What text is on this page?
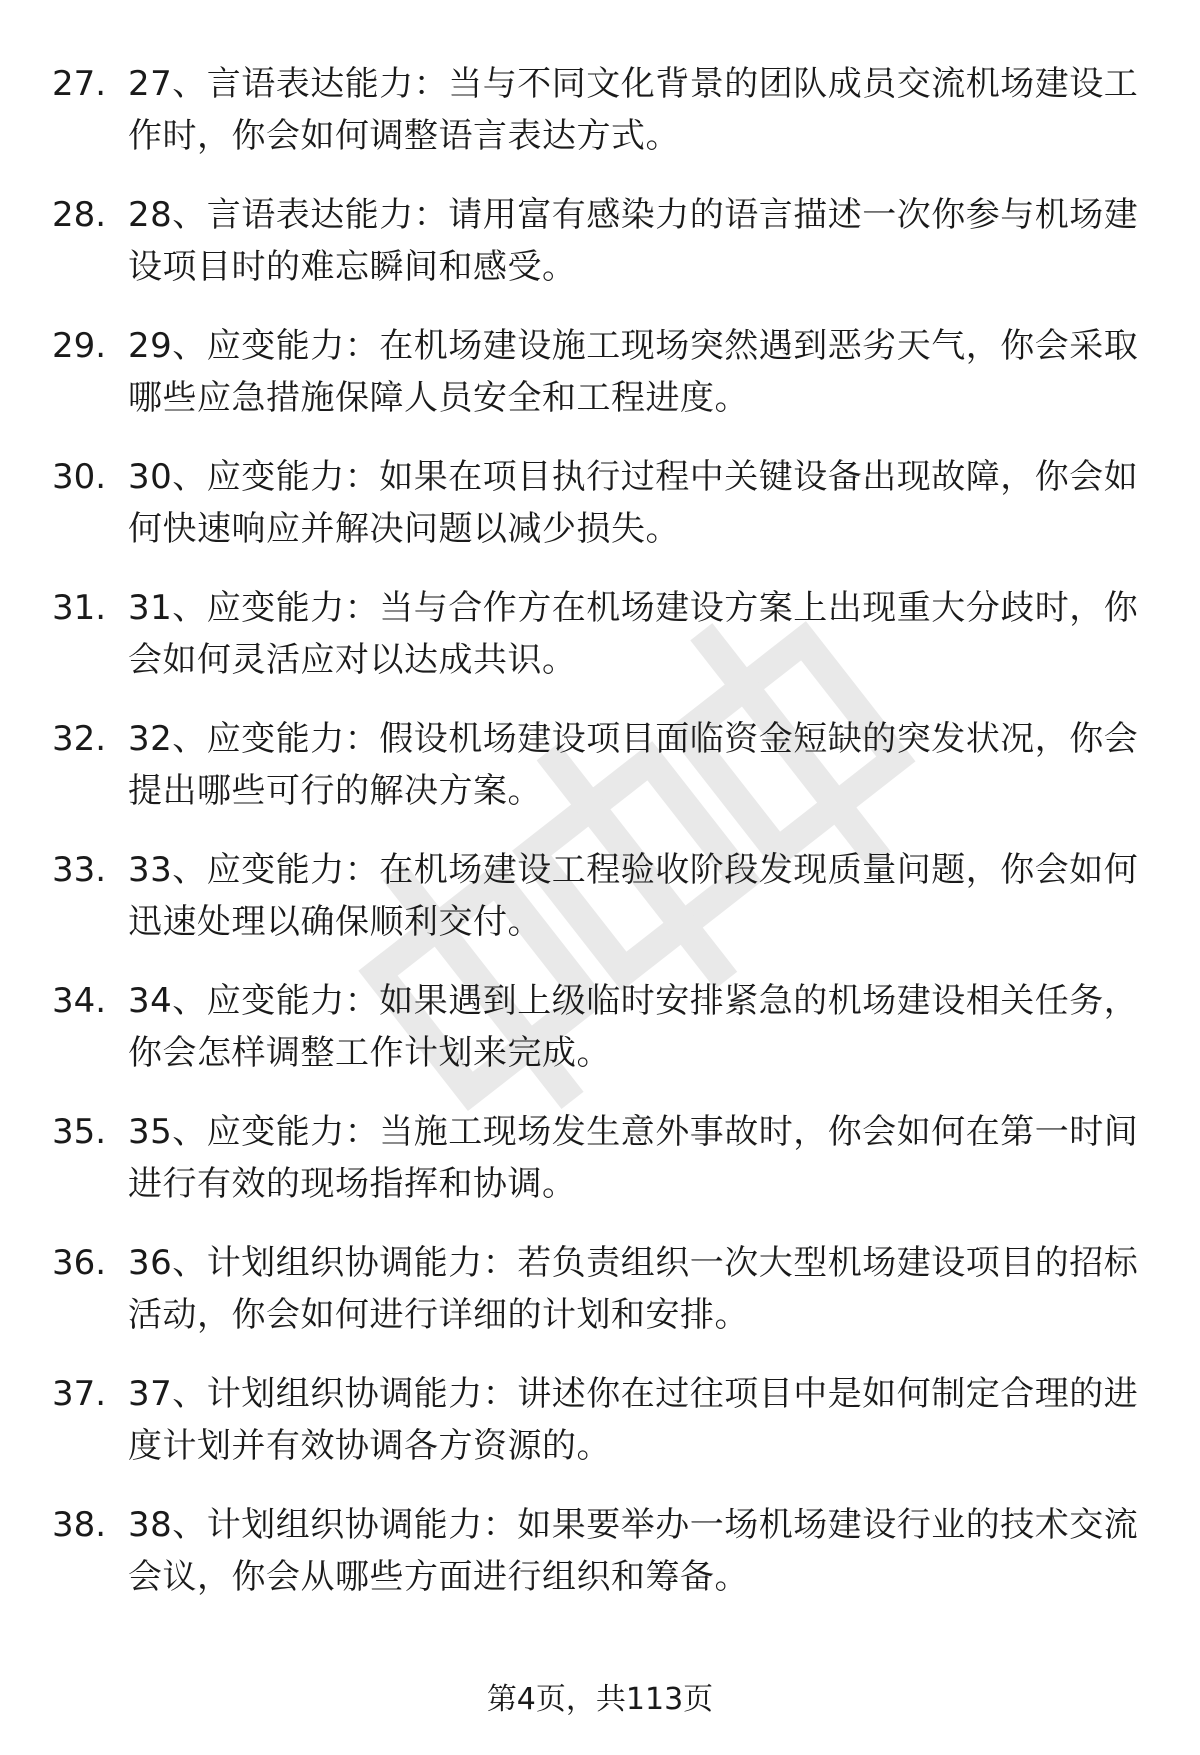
27. 27、言语表达能力：当与不同文化背景的团队成员交流机场建设工作时，你会如何调整语言表达方式。
28. 28、言语表达能力：请用富有感染力的语言描述一次你参与机场建设项目时的难忘瞬间和感受。
29. 29、应变能力：在机场建设施工现场突然遇到恶劣天气，你会采取哪些应急措施保障人员安全和工程进度。
30. 30、应变能力：如果在项目执行过程中关键设备出现故障，你会如何快速响应并解决问题以减少损失。
31. 31、应变能力：当与合作方在机场建设方案上出现重大分歧时，你会如何灵活应对以达成共识。
32. 32、应变能力：假设机场建设项目面临资金短缺的突发状况，你会提出哪些可行的解决方案。
33. 33、应变能力：在机场建设工程验收阶段发现质量问题，你会如何迅速处理以确保顺利交付。
34. 34、应变能力：如果遇到上级临时安排紧急的机场建设相关任务，你会怎样调整工作计划来完成。
35. 35、应变能力：当施工现场发生意外事故时，你会如何在第一时间进行有效的现场指挥和协调。
36. 36、计划组织协调能力：若负责组织一次大型机场建设项目的招标活动，你会如何进行详细的计划和安排。
37. 37、计划组织协调能力：讲述你在过往项目中是如何制定合理的进度计划并有效协调各方资源的。
38. 38、计划组织协调能力：如果要举办一场机场建设行业的技术交流会议，你会从哪些方面进行组织和筹备。
第4页，共113页
